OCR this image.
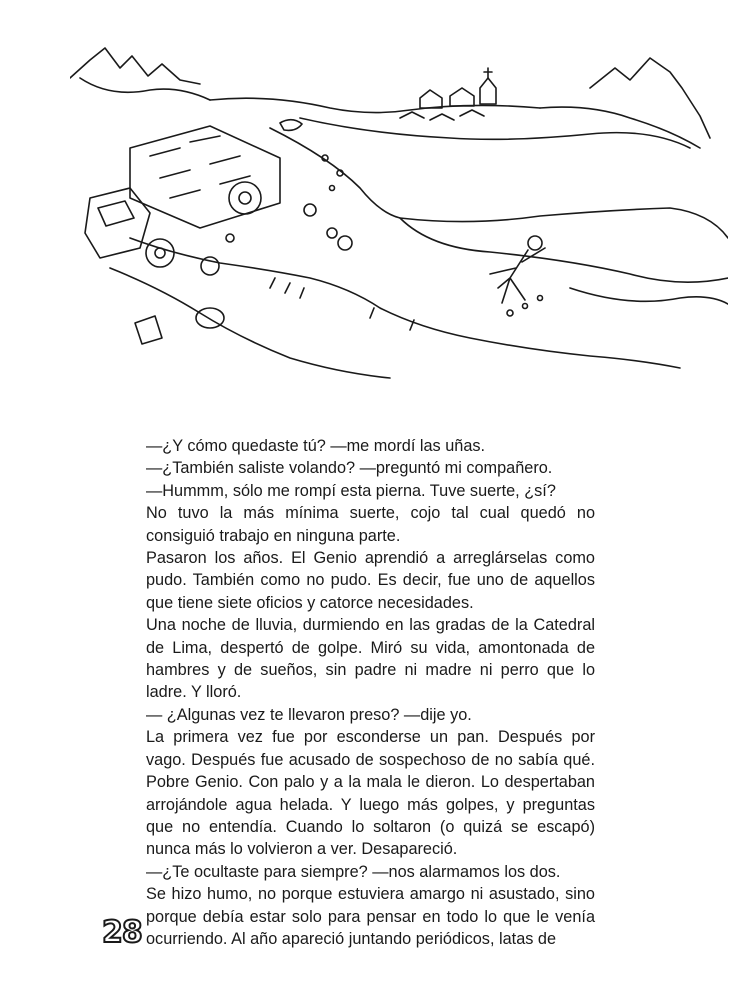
—¿Y cómo quedaste tú? —me mordí las uñas.

—¿También saliste volando? —preguntó mi compañero.

—Hummm, sólo me rompí esta pierna. Tuve suerte, ¿sí?

No tuvo la más mínima suerte, cojo tal cual quedó no consiguió trabajo en ninguna parte.

Pasaron los años. El Genio aprendió a arreglárselas como pudo. También como no pudo. Es decir, fue uno de aquellos que tiene siete oficios y catorce necesidades.

Una noche de lluvia, durmiendo en las gradas de la Catedral de Lima, despertó de golpe. Miró su vida, amontonada de hambres y de sueños, sin padre ni madre ni perro que lo ladre. Y lloró.

— ¿Algunas vez te llevaron preso? —dije yo.

La primera vez fue por esconderse un pan. Después por vago. Después fue acusado de sospechoso de no sabía qué. Pobre Genio. Con palo y a la mala le dieron. Lo despertaban arrojándole agua helada. Y luego más golpes, y preguntas que no entendía. Cuando lo soltaron (o quizá se escapó) nunca más lo volvieron a ver. Desapareció.

—¿Te ocultaste para siempre? —nos alarmamos los dos.

Se hizo humo, no porque estuviera amargo ni asustado, sino porque debía estar solo para pensar en todo lo que le venía ocurriendo. Al año apareció juntando periódicos, latas de

28
